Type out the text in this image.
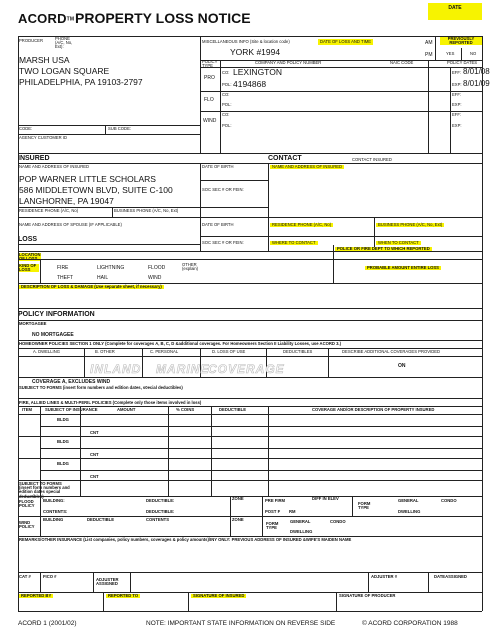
ACORDTM PROPERTY LOSS NOTICE
DATE
PRODUCER	PHONE (A/C, No, Ext):
MARSH USA
TWO LOGAN SQUARE
PHILADELPHIA, PA 19103-2797
CODE:	SUB CODE:
AGENCY CUSTOMER ID
MISCELLANEOUS INFO (Site & location code)
YORK #1994
DATE OF LOSS AND TIME	AM
PM
PREVIOUSLY REPORTED
YES	NO
POLICY TYPE
COMPANY AND POLICY NUMBER	NAIC CODE	POLICY DATES
PRO
CO: LEXINGTON
POL: 4194868
EFF: 8/01/08
EXP: 8/01/09
FLO
CO:
POL:
EFF:
EXP:
WIND
CO:
POL:
EFF:
EXP:
INSURED	CONTACT	CONTACT INSURED
NAME AND ADDRESS OF INSURED
POP WARNER LITTLE SCHOLARS
586 MIDDLETOWN BLVD, SUITE C-100
LANGHORNE, PA 19047
DATE OF BIRTH
SOC SEC # OR FEIN:
NAME AND ADDRESS OF INSURED
RESIDENCE PHONE (A/C, No)	BUSINESS PHONE (A/C, No, Ext)
NAME AND ADDRESS OF SPOUSE (IF APPLICABLE)	DATE OF BIRTH	RESIDENCE PHONE (A/C, No)	BUSINESS PHONE (A/C, No, Ext)
SOC SEC # OR FEIN:	WHERE TO CONTACT	WHEN TO CONTACT
LOSS
LOCATION OF LOSS
POLICE OR FIRE DEPT TO WHICH REPORTED
KIND OF LOSS	FIRE	LIGHTNING	FLOOD
OTHER (explain)
THEFT	HAIL	WIND
PROBABLE AMOUNT ENTIRE LOSS
DESCRIPTION OF LOSS & DAMAGE (Use separate sheet, if necessary)
POLICY INFORMATION
MORTGAGEE
NO MORTGAGEE
HOMEOWNER POLICIES SECTION 1 ONLY (Complete for coverages A, B, C, D &additional coverages. For Homeowners Section II Liability Losses, use ACORD 3.)
A. DWELLING	B. OTHER	C. PERSONAL	D. LOSS OF USE	DEDUCTIBLES	DESCRIBE ADDITIONAL COVERAGES PROVIDED
INLAND MARINE
COVERAGE	ON
COVERAGE A, EXCLUDES WIND
SUBJECT TO FORMS (insert form numbers and edition dates, s0ecial deductibles)
FIRE, ALLIED LINES & MULTI-PERIL POLICIES (Complete only those items involved in loss)
ITEM	SUBJECT OF INSURANCE	AMOUNT	% COINS	DEDUCTIBLE	COVERAGE AND/OR DESCRIPTION OF PROPERTY INSURED
BLDG
CNT
BLDG
CNT
BLDG
CNT
SUBJECT TO FORMS (insert form numbers and edition dates special deductibles)
FLOOD POLICY
BUILDING:
CONTENTS:
DEDUCTIBLE:
DEDUCTIBLE:
ZONE	PRE FIRM
POST F RM
DIFF IN ELEV
FORM TYPE
GENERAL
DWELLING
CONDO
WIND POLICY
BUILDING	DEDUCTIBLE	CONTENTS	ZONE
FORM TYPE
GENERAL
DWELLING
CONDO
REMARKS/OTHER INSURANCE (List companies, policy numbers, coverages & policy amounts)/INY ONLY: PREVIOUS ADDRESS OF INSURED &WIFE'S MAIDEN NAME
CAT #	FICO #
ADJUSTER ASSIGNED
ADJUSTER #	DATEASSIGNED
REPORTED BY	REPORTED TO	SIGNATURE OF INSURED	SIGNATURE OF PRODUCER
ACORD 1 (2001/02)	NOTE: IMPORTANT STATE INFORMATION ON REVERSE SIDE	© ACORD CORPORATION 1988
